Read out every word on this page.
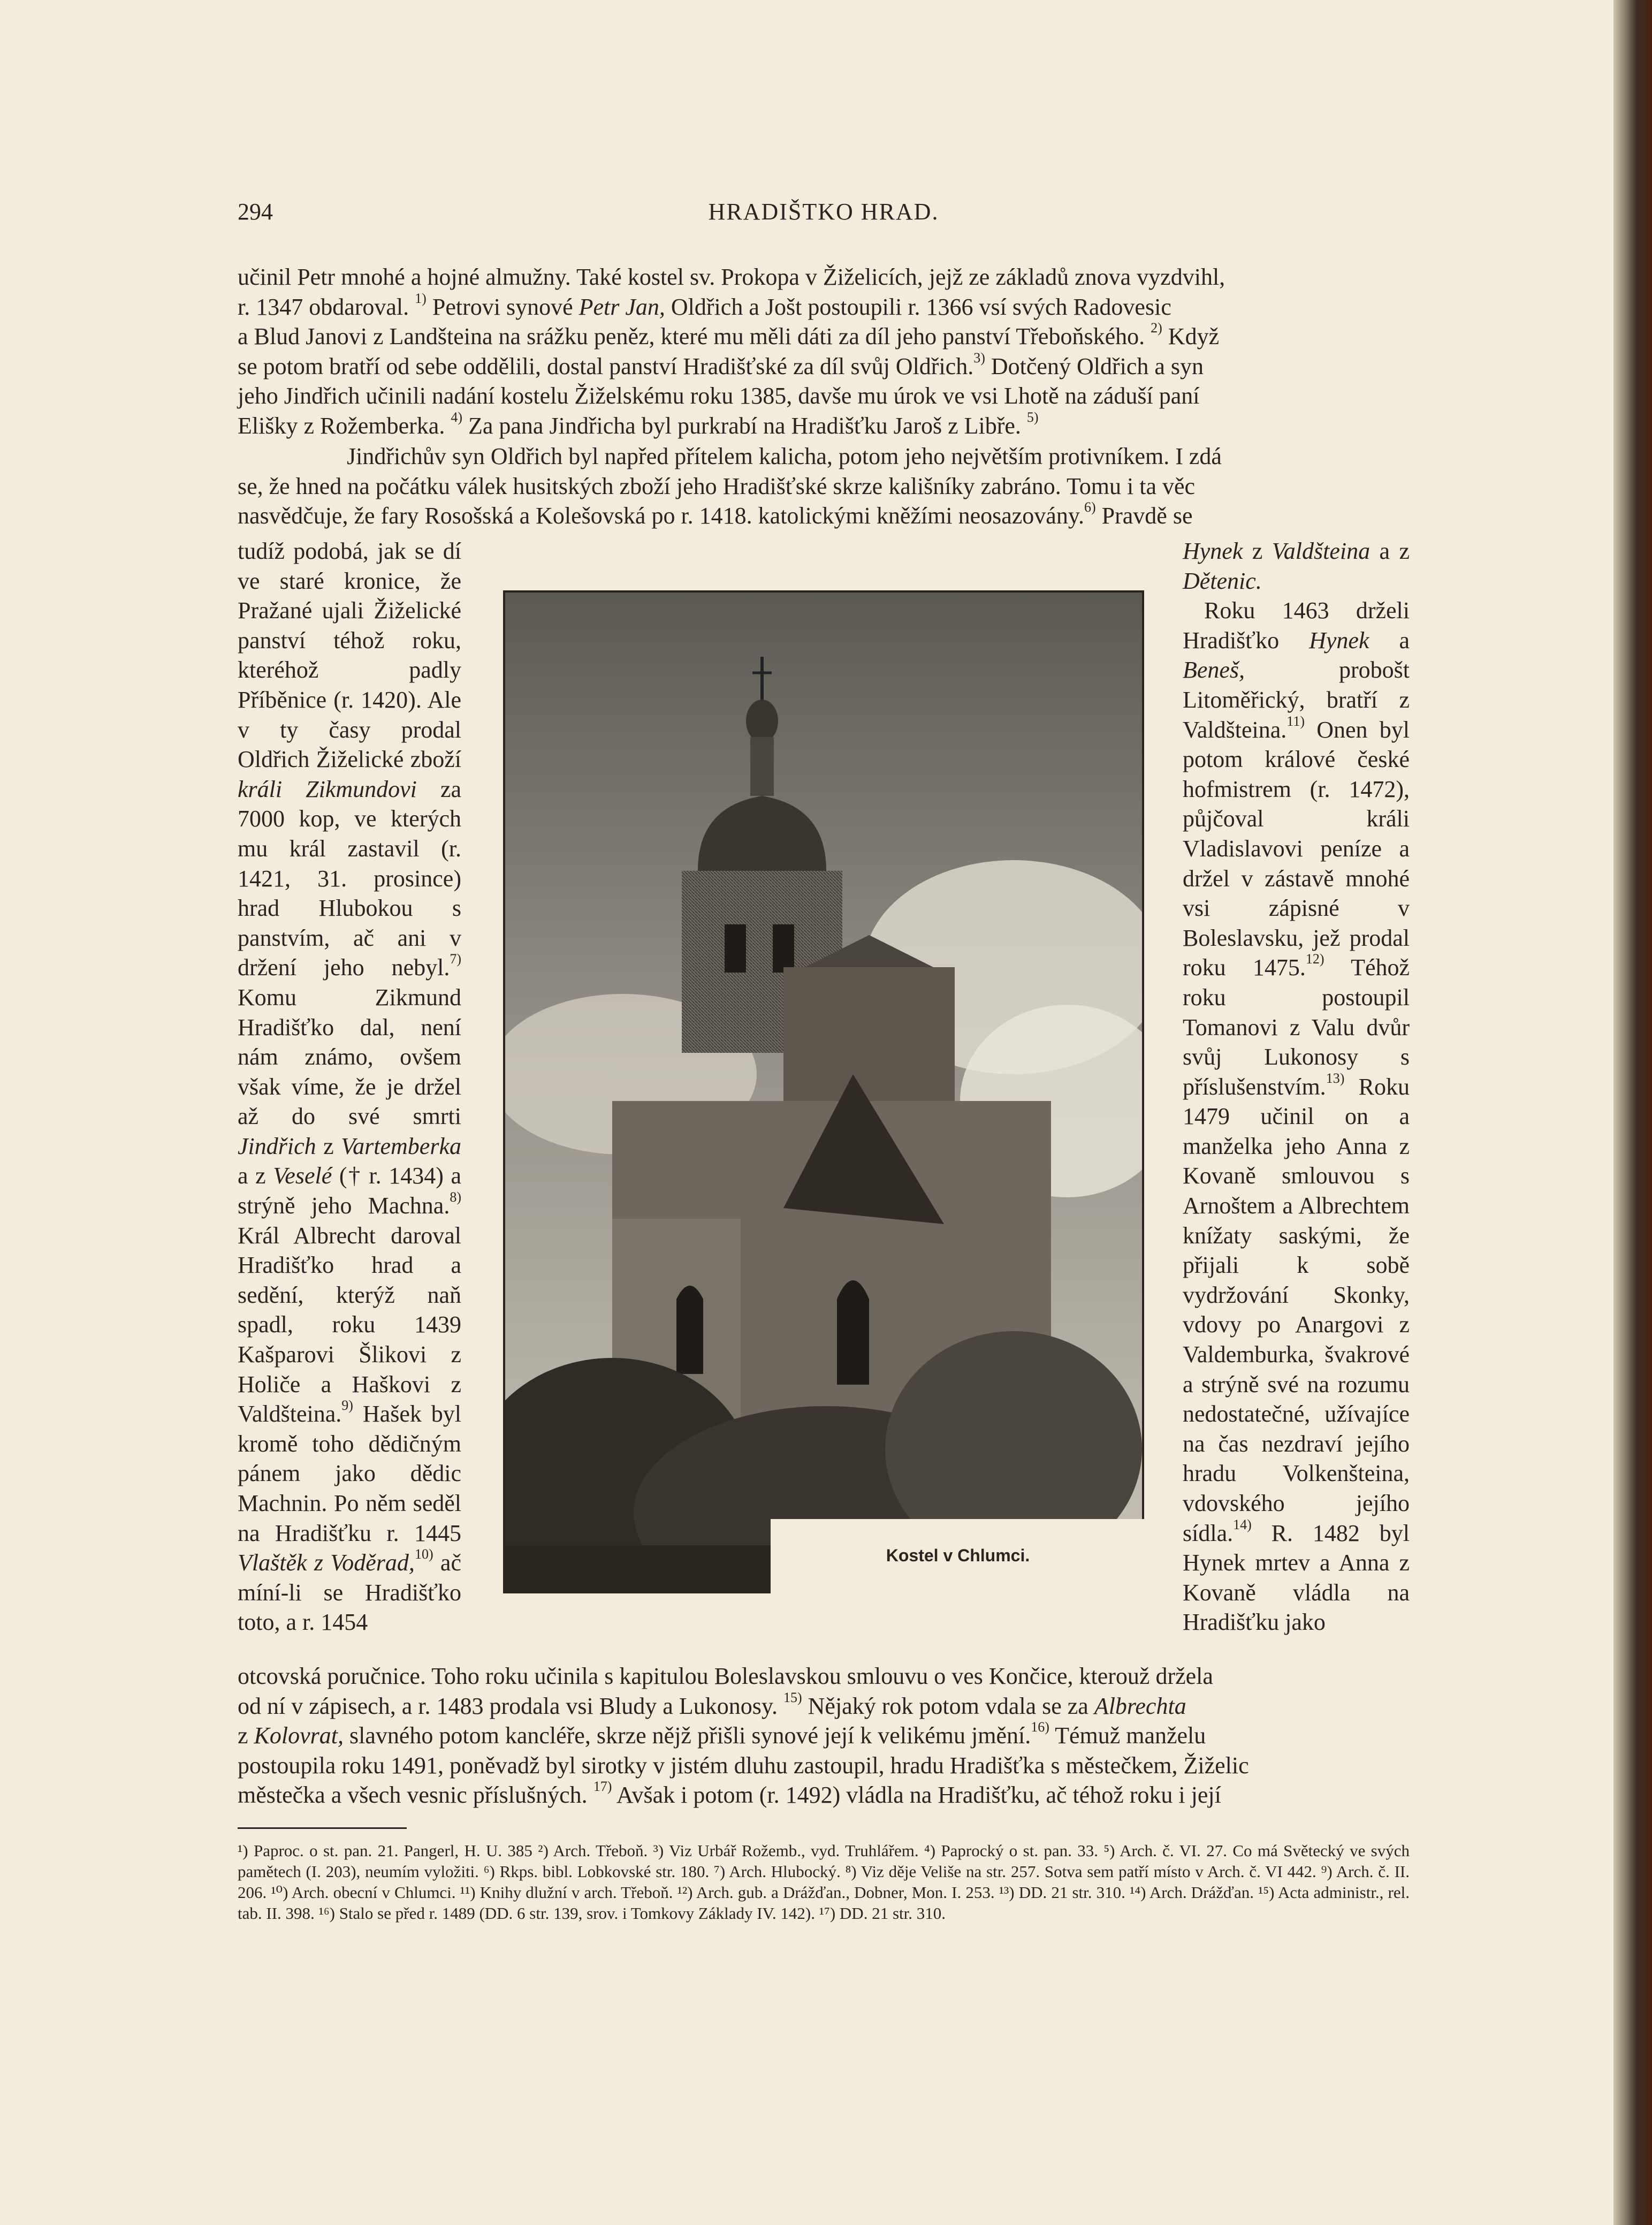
294	HRADIŠTKO HRAD.
učinil Petr mnohé a hojné almužny. Také kostel sv. Prokopa v Žiželicích, jejž ze základů znova vyzdvihl,
r. 1347 obdaroval. $^{1)}$ Petrovi synové Petr Jan, Oldřich a Jošt postoupili r. 1366 vsí svých Radovesic
a Blud Janovi z Landšteina na srážku peněz, které mu měli dáti za díl jeho panství Třeboňského. $^{2)}$ Když
se potom bratří od sebe oddělili, dostal panství Hradišťské za díl svůj Oldřich.$^{3)}$ Dotčený Oldřich a syn
jeho Jindřich učinili nadání kostelu Žiželskému roku 1385, davše mu úrok ve vsi Lhotě na záduší paní
Elišky z Rožemberka. $^{4)}$ Za pana Jindřicha byl purkrabí na Hradišťku Jaroš z Libře. $^{5)}$
Jindřichův syn Oldřich byl napřed přítelem kalicha, potom jeho největším protivníkem. I zdá
se, že hned na počátku válek husitských zboží jeho Hradišťské skrze kališníky zabráno. Tomu i ta věc
nasvědčuje, že fary Rosošská a Kolešovská po r. 1418. katolickými kněžími neosazovány.$^{6)}$ Pravdě se
tudíž podobá, jak se dí ve staré kronice, že Pražané ujali Žiželické panství téhož roku, kteréhož padly Příběnice (r. 1420). Ale v ty časy prodal Oldřich Žiželické zboží králi Zikmundovi za 7000 kop, ve kterých mu král zastavil (r. 1421, 31. prosince) hrad Hlubokou s panstvím, ač ani v držení jeho nebyl.$^{7)}$ Komu Zikmund Hradišťko dal, není nám známo, ovšem však víme, že je držel až do své smrti Jindřich z Vartemberka a z Veselé († r. 1434) a strýně jeho Machna.$^{8)}$ Král Albrecht daroval Hradišťko hrad a sedění, kterýž naň spadl, roku 1439 Kašparovi Šlikovi z Holiče a Haškovi z Valdšteina.$^{9)}$ Hašek byl kromě toho dědičným pánem jako dědic Machnin. Po něm seděl na Hradišťku r. 1445 Vlaštěk z Voděrad,$^{10)}$ ač míní-li se Hradišťko toto, a r. 1454
Hynek z Valdšteina a z Dětenic.
Roku 1463 drželi Hradišťko Hynek a Beneš, probošt Litoměřický, bratří z Valdšteina.$^{11)}$ Onen byl potom králové české hofmistrem (r. 1472), půjčoval králi Vladislavovi peníze a držel v zástavě mnohé vsi zápisné v Boleslavsku, jež prodal roku 1475.$^{12)}$ Téhož roku postoupil Tomanovi z Valu dvůr svůj Lukonosy s příslušenstvím.$^{13)}$ Roku 1479 učinil on a manželka jeho Anna z Kovaně smlouvou s Arnoštem a Albrechtem knížaty saskými, že přijali k sobě vydržování Skonky, vdovy po Anargovi z Valdemburka, švakrové a strýně své na rozumu nedostatečné, užívajíce na čas nezdraví jejího hradu Volkenšteina, vdovského jejího sídla.$^{14)}$ R. 1482 byl Hynek mrtev a Anna z Kovaně vládla na Hradišťku jako
Kostel v Chlumci.
otcovská poručnice. Toho roku učinila s kapitulou Boleslavskou smlouvu o ves Končice, kterouž držela
od ní v zápisech, a r. 1483 prodala vsi Bludy a Lukonosy. $^{15)}$ Nějaký rok potom vdala se za Albrechta
z Kolovrat, slavného potom kancléře, skrze nějž přišli synové její k velikému jmění.$^{16)}$ Témuž manželu
postoupila roku 1491, poněvadž byl sirotky v jistém dluhu zastoupil, hradu Hradišťka s městečkem, Žiželic
městečka a všech vesnic příslušných. $^{17)}$ Avšak i potom (r. 1492) vládla na Hradišťku, ač téhož roku i její
¹) Paproc. o st. pan. 21. Pangerl, H. U. 385 ²) Arch. Třeboň. ³) Viz Urbář Rožemb., vyd. Truhlářem. ⁴) Paprocký o st. pan. 33. ⁵) Arch. č. VI. 27. Co má Světecký ve svých pamětech (I. 203), neumím vyložiti. ⁶) Rkps. bibl. Lobkovské str. 180. ⁷) Arch. Hlubocký. ⁸) Viz děje Veliše na str. 257. Sotva sem patří místo v Arch. č. VI 442. ⁹) Arch. č. II. 206. ¹⁰) Arch. obecní v Chlumci. ¹¹) Knihy dlužní v arch. Třeboň. ¹²) Arch. gub. a Drážďan., Dobner, Mon. I. 253. ¹³) DD. 21 str. 310. ¹⁴) Arch. Drážďan. ¹⁵) Acta administr., rel. tab. II. 398. ¹⁶) Stalo se před r. 1489 (DD. 6 str. 139, srov. i Tomkovy Základy IV. 142). ¹⁷) DD. 21 str. 310.
